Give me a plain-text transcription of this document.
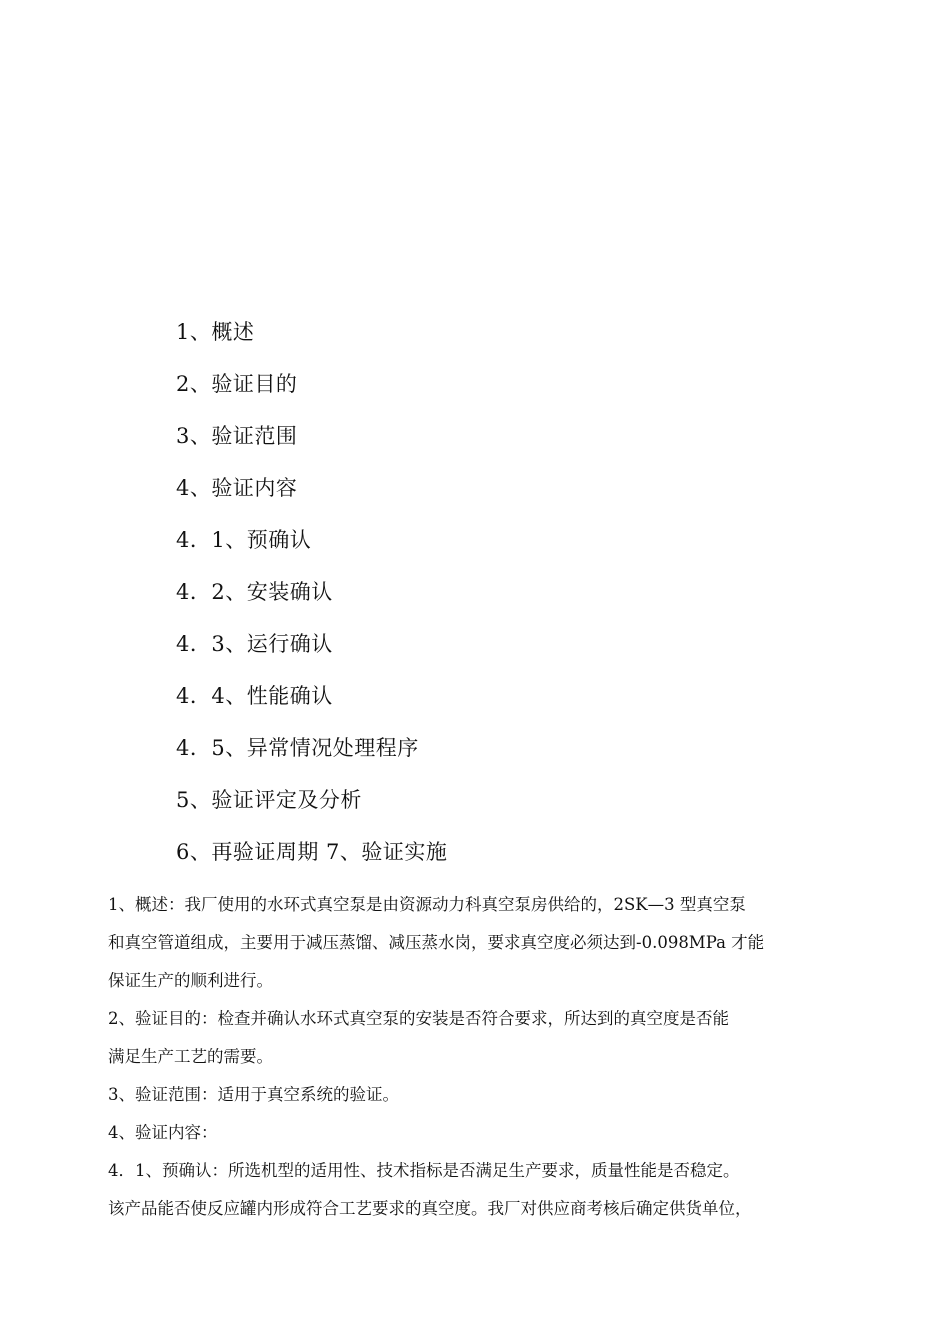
1、概述
2、验证目的
3、验证范围
4、验证内容
4．1、预确认
4．2、安装确认
4．3、运行确认
4．4、性能确认
4．5、异常情况处理程序
5、验证评定及分析
6、再验证周期 7、验证实施
1、概述：我厂使用的水环式真空泵是由资源动力科真空泵房供给的，2SK—3 型真空泵
和真空管道组成，主要用于减压蒸馏、减压蒸水岗，要求真空度必须达到-0.098MPa 才能
保证生产的顺利进行。
2、验证目的：检查并确认水环式真空泵的安装是否符合要求，所达到的真空度是否能
满足生产工艺的需要。
3、验证范围：适用于真空系统的验证。
4、验证内容：
4．1、预确认：所选机型的适用性、技术指标是否满足生产要求，质量性能是否稳定。
该产品能否使反应罐内形成符合工艺要求的真空度。我厂对供应商考核后确定供货单位，
